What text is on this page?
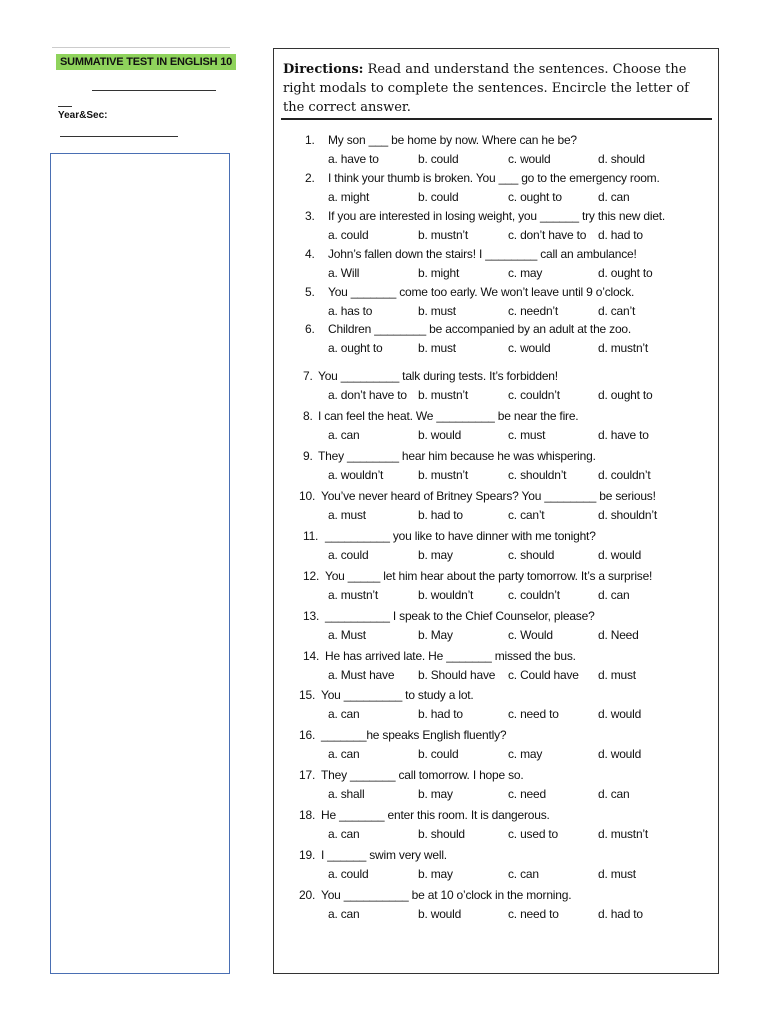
SUMMATIVE TEST IN ENGLISH 10
Year&Sec:
Directions: Read and understand the sentences. Choose the right modals to complete the sentences. Encircle the letter of the correct answer.
1. My son ___ be home by now. Where can he be?
a. have to	b. could	c. would	d. should
2. I think your thumb is broken. You ___ go to the emergency room.
a. might	b. could	c. ought to	d. can
3. If you are interested in losing weight, you ______ try this new diet.
a. could	b. mustn’t	c. don’t have to d. had to
4. John’s fallen down the stairs! I ________ call an ambulance!
a. Will	b. might	c. may	d. ought to
5. You _______ come too early. We won’t leave until 9 o’clock.
a. has to	b. must	c. needn’t	d. can’t
6. Children ________ be accompanied by an adult at the zoo.
a. ought to	b. must	c. would	d. mustn’t
7. You _________ talk during tests. It’s forbidden!
a. don’t have to b. mustn’t	c. couldn’t	d. ought to
8. I can feel the heat. We _________ be near the fire.
a. can	b. would	c. must	d. have to
9. They ________ hear him because he was whispering.
a. wouldn’t	b. mustn’t	c. shouldn’t	d. couldn’t
10. You’ve never heard of Britney Spears? You ________ be serious!
a. must	b. had to	c. can’t	d. shouldn’t
11. __________ you like to have dinner with me tonight?
a. could	b. may	c. should	d. would
12. You _____ let him hear about the party tomorrow. It’s a surprise!
a. mustn’t	b. wouldn’t	c. couldn’t	d. can
13. __________ I speak to the Chief Counselor, please?
a. Must	b. May	c. Would	d. Need
14. He has arrived late. He _______ missed the bus.
a. Must have b. Should have c. Could have d. must
15. You _________ to study a lot.
a. can	b. had to	c. need to	d. would
16. _______he speaks English fluently?
a. can	b. could	c. may	d. would
17. They _______ call tomorrow. I hope so.
a. shall	b. may	c. need	d. can
18. He _______ enter this room. It is dangerous.
a. can	b. should	c. used to	d. mustn’t
19. I ______ swim very well.
a. could	b. may	c. can	d. must
20. You __________ be at 10 o’clock in the morning.
a. can	b. would	c. need to	d. had to
